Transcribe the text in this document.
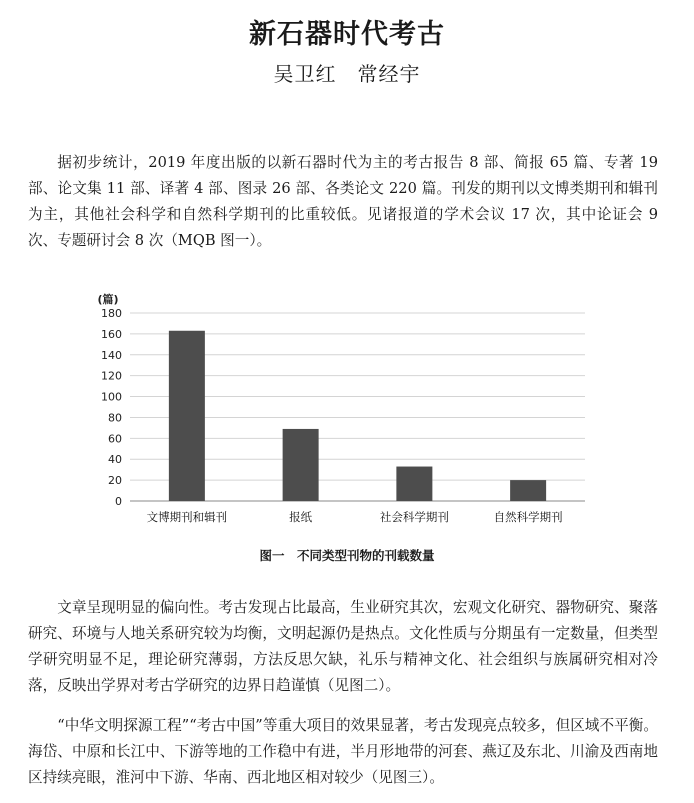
新石器时代考古
吴卫红　常经宇

据初步统计，2019 年度出版的以新石器时代为主的考古报告 8 部、简报 65 篇、专著 19 部、论文集 11 部、译著 4 部、图录 26 部、各类论文 220 篇。刊发的期刊以文博类期刊和辑刊为主，其他社会科学和自然科学期刊的比重较低。见诸报道的学术会议 17 次，其中论证会 9 次、专题研讨会 8 次（MQB 图一）。

0
20
40
60
80
100
120
140
160
180
(篇)
文博期刊和辑刊	报纸	社会科学期刊	自然科学期刊
图一　不同类型刊物的刊载数量

文章呈现明显的偏向性。考古发现占比最高，生业研究其次，宏观文化研究、器物研究、聚落研究、环境与人地关系研究较为均衡，文明起源仍是热点。文化性质与分期虽有一定数量，但类型学研究明显不足，理论研究薄弱，方法反思欠缺，礼乐与精神文化、社会组织与族属研究相对冷落，反映出学界对考古学研究的边界日趋谨慎（见图二）。

“中华文明探源工程”“考古中国”等重大项目的效果显著，考古发现亮点较多，但区域不平衡。海岱、中原和长江中、下游等地的工作稳中有进，半月形地带的河套、燕辽及东北、川渝及西南地区持续亮眼，淮河中下游、华南、西北地区相对较少（见图三）。
